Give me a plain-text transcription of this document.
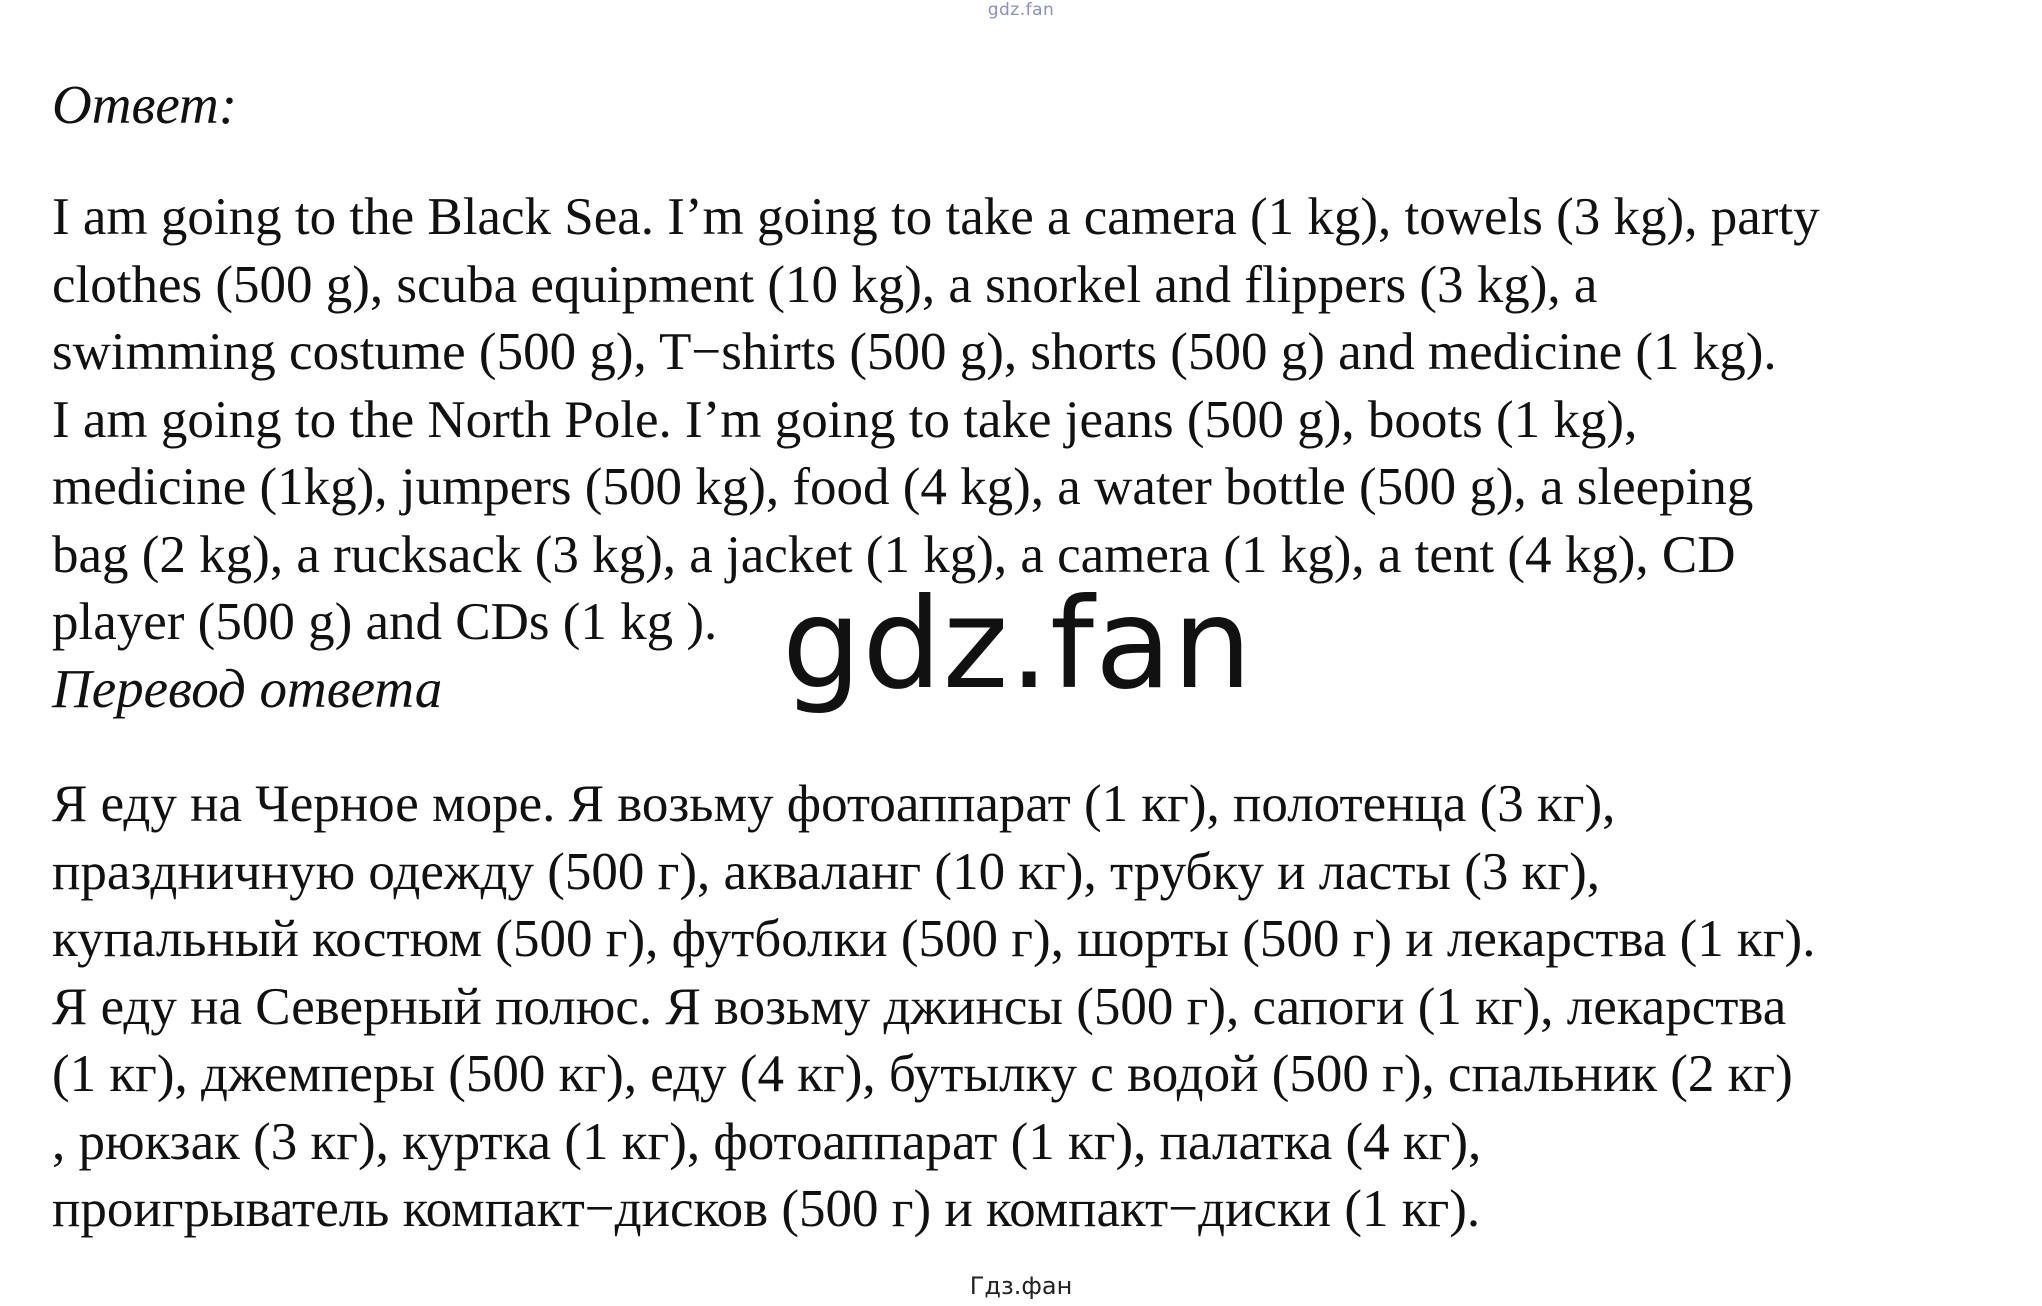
gdz.fan
Ответ:

I am going to the Black Sea. I’m going to take a camera (1 kg), towels (3 kg), party
clothes (500 g), scuba equipment (10 kg), a snorkel and flippers (3 kg), a
swimming costume (500 g), T−shirts (500 g), shorts (500 g) and medicine (1 kg).
I am going to the North Pole. I’m going to take jeans (500 g), boots (1 kg),
medicine (1kg), jumpers (500 kg), food (4 kg), a water bottle (500 g), a sleeping
bag (2 kg), a rucksack (3 kg), a jacket (1 kg), a camera (1 kg), a tent (4 kg), CD
player (500 g) and CDs (1 kg ). gdz.fan
Перевод ответа

Я еду на Черное море. Я возьму фотоаппарат (1 кг), полотенца (3 кг),
праздничную одежду (500 г), акваланг (10 кг), трубку и ласты (3 кг),
купальный костюм (500 г), футболки (500 г), шорты (500 г) и лекарства (1 кг).
Я еду на Северный полюс. Я возьму джинсы (500 г), сапоги (1 кг), лекарства
(1 кг), джемперы (500 кг), еду (4 кг), бутылку с водой (500 г), спальник (2 кг)
, рюкзак (3 кг), куртка (1 кг), фотоаппарат (1 кг), палатка (4 кг),
проигрыватель компакт−дисков (500 г) и компакт−диски (1 кг).

Гдз.фан
